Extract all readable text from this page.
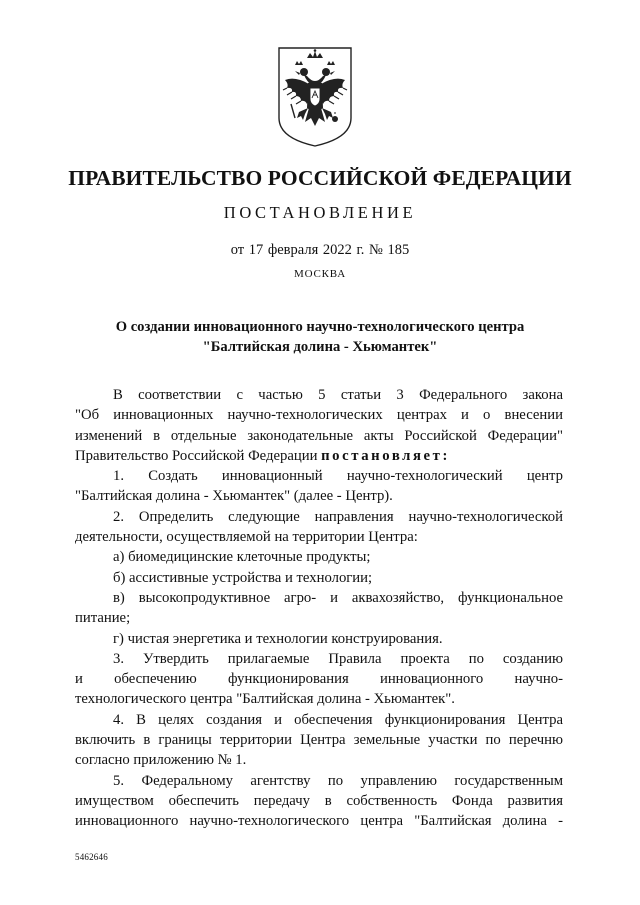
ПРАВИТЕЛЬСТВО РОССИЙСКОЙ ФЕДЕРАЦИИ
ПОСТАНОВЛЕНИЕ
от 17 февраля 2022 г. № 185
МОСКВА
О создании инновационного научно-технологического центра
"Балтийская долина - Хьюмантек"
В соответствии с частью 5 статьи 3 Федерального закона
"Об инновационных научно-технологических центрах и о внесении
изменений в отдельные законодательные акты Российской Федерации"
Правительство Российской Федерации постановляет:
1. Создать инновационный научно-технологический центр
"Балтийская долина - Хьюмантек" (далее - Центр).
2. Определить следующие направления научно-технологической
деятельности, осуществляемой на территории Центра:
а) биомедицинские клеточные продукты;
б) ассистивные устройства и технологии;
в) высокопродуктивное агро- и аквахозяйство, функциональное
питание;
г) чистая энергетика и технологии конструирования.
3. Утвердить прилагаемые Правила проекта по созданию
и обеспечению функционирования инновационного научно-
технологического центра "Балтийская долина - Хьюмантек".
4. В целях создания и обеспечения функционирования Центра
включить в границы территории Центра земельные участки по перечню
согласно приложению № 1.
5. Федеральному агентству по управлению государственным
имуществом обеспечить передачу в собственность Фонда развития
инновационного научно-технологического центра "Балтийская долина -
5462646
